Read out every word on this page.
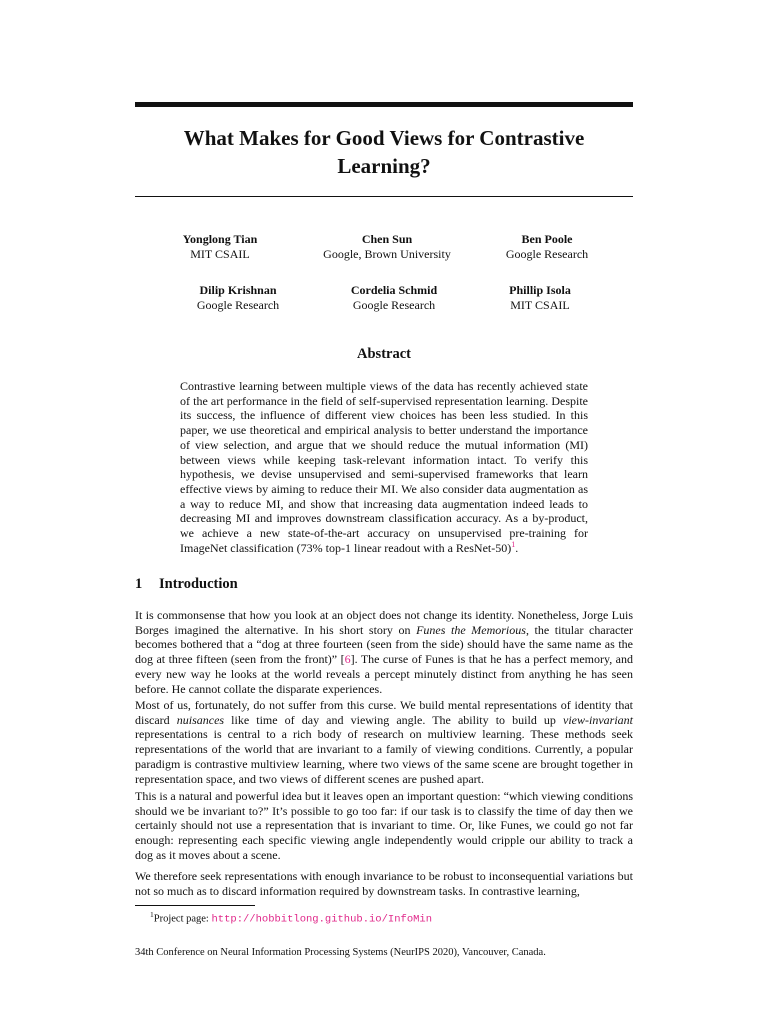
What Makes for Good Views for Contrastive
Learning?
Yonglong Tian
MIT CSAIL
Chen Sun
Google, Brown University
Ben Poole
Google Research
Dilip Krishnan
Google Research
Cordelia Schmid
Google Research
Phillip Isola
MIT CSAIL
Abstract
Contrastive learning between multiple views of the data has recently achieved state of the art performance in the field of self-supervised representation learning. Despite its success, the influence of different view choices has been less studied. In this paper, we use theoretical and empirical analysis to better understand the importance of view selection, and argue that we should reduce the mutual information (MI) between views while keeping task-relevant information intact. To verify this hypothesis, we devise unsupervised and semi-supervised frameworks that learn effective views by aiming to reduce their MI. We also consider data augmentation as a way to reduce MI, and show that increasing data augmentation indeed leads to decreasing MI and improves downstream classification accuracy. As a by-product, we achieve a new state-of-the-art accuracy on unsupervised pre-training for ImageNet classification (73% top-1 linear readout with a ResNet-50)$^1$.
1 Introduction

It is commonsense that how you look at an object does not change its identity. Nonetheless, Jorge Luis Borges imagined the alternative. In his short story on Funes the Memorious, the titular character becomes bothered that a “dog at three fourteen (seen from the side) should have the same name as the dog at three fifteen (seen from the front)” [6]. The curse of Funes is that he has a perfect memory, and every new way he looks at the world reveals a percept minutely distinct from anything he has seen before. He cannot collate the disparate experiences.

Most of us, fortunately, do not suffer from this curse. We build mental representations of identity that discard nuisances like time of day and viewing angle. The ability to build up view-invariant representations is central to a rich body of research on multiview learning. These methods seek representations of the world that are invariant to a family of viewing conditions. Currently, a popular paradigm is contrastive multiview learning, where two views of the same scene are brought together in representation space, and two views of different scenes are pushed apart.

This is a natural and powerful idea but it leaves open an important question: “which viewing conditions should we be invariant to?” It’s possible to go too far: if our task is to classify the time of day then we certainly should not use a representation that is invariant to time. Or, like Funes, we could go not far enough: representing each specific viewing angle independently would cripple our ability to track a dog as it moves about a scene.

We therefore seek representations with enough invariance to be robust to inconsequential variations but not so much as to discard information required by downstream tasks. In contrastive learning,

$^1$Project page: http://hobbitlong.github.io/InfoMin
34th Conference on Neural Information Processing Systems (NeurIPS 2020), Vancouver, Canada.
